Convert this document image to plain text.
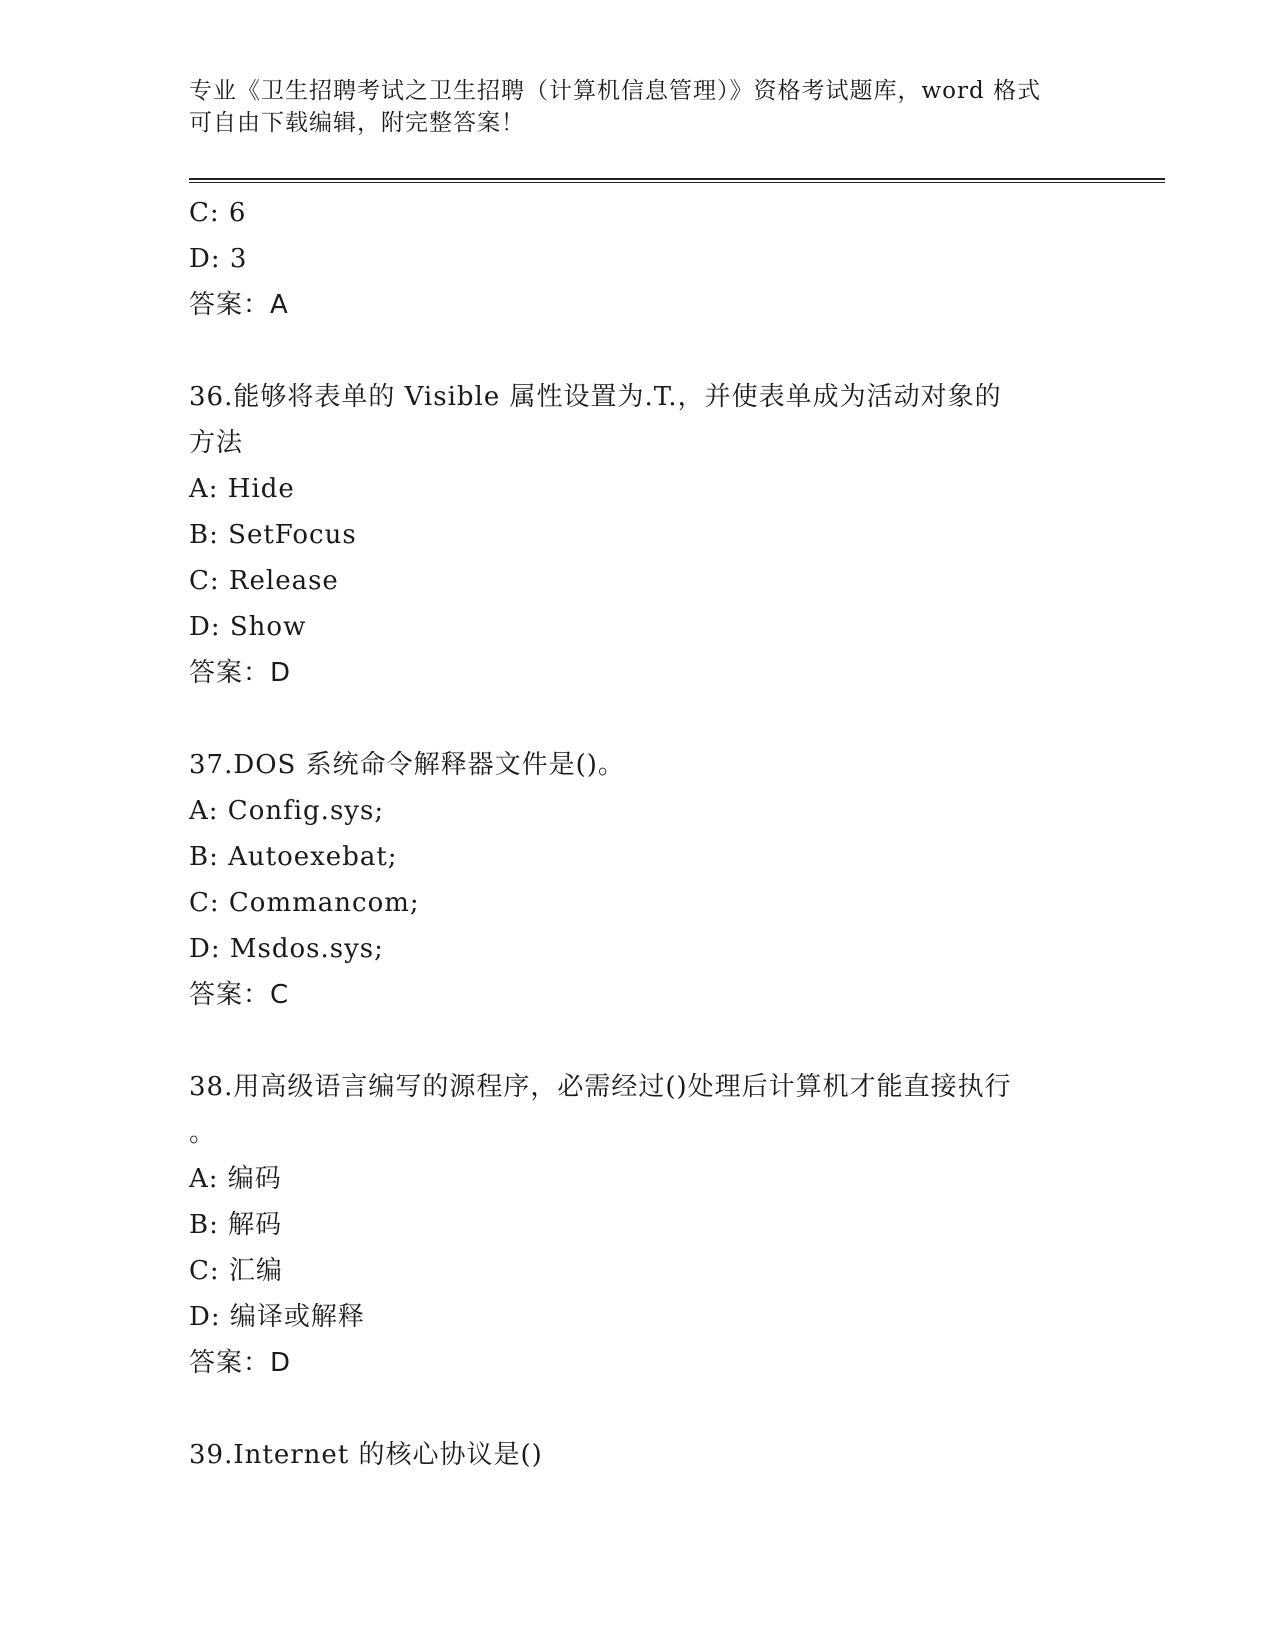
专业《卫生招聘考试之卫生招聘（计算机信息管理）》资格考试题库，word 格式
可自由下载编辑，附完整答案！
C: 6
D: 3
答案：A
36.能够将表单的 Visible 属性设置为.T.，并使表单成为活动对象的
方法
A: Hide
B: SetFocus
C: Release
D: Show
答案：D
37.DOS 系统命令解释器文件是()。
A: Config.sys;
B: Autoexebat;
C: Commancom;
D: Msdos.sys;
答案：C
38.用高级语言编写的源程序，必需经过()处理后计算机才能直接执行
。
A: 编码
B: 解码
C: 汇编
D: 编译或解释
答案：D
39.Internet 的核心协议是()
